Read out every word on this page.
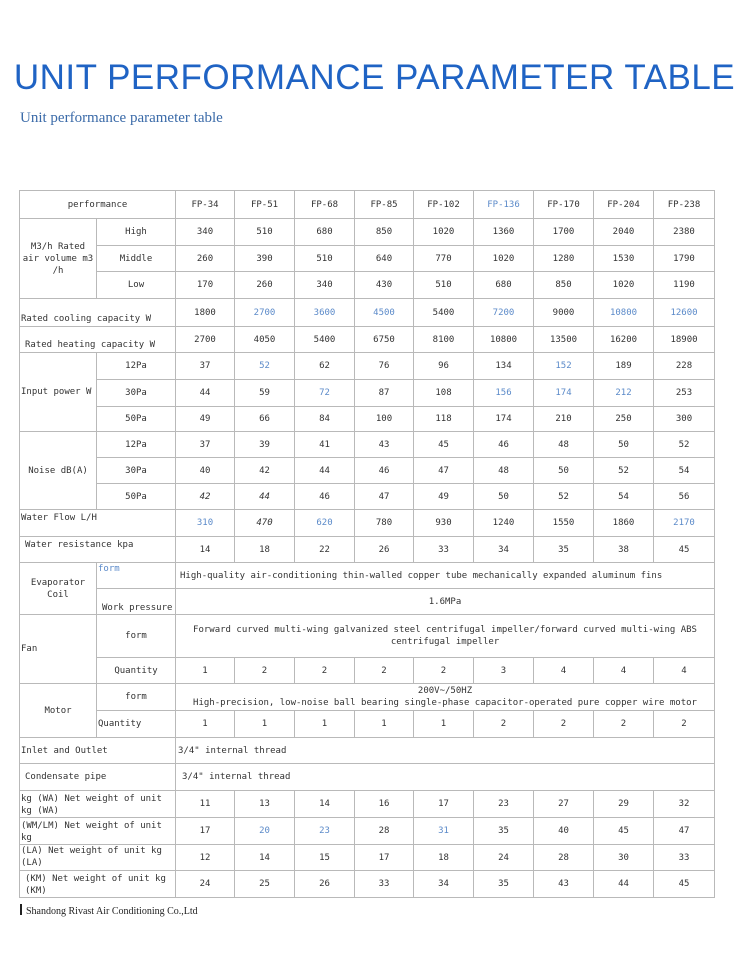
UNIT PERFORMANCE PARAMETER TABLE
Unit performance parameter table
performance		FP-34	FP-51	FP-68	FP-85	FP-102	FP-136	FP-170	FP-204	FP-238
M3/h Rated air volume m3 /h	High	340	510	680	850	1020	1360	1700	2040	2380
	Middle	260	390	510	640	770	1020	1280	1530	1790
	Low	170	260	340	430	510	680	850	1020	1190
Rated cooling capacity W		1800	2700	3600	4500	5400	7200	9000	10800	12600
Rated heating capacity W		2700	4050	5400	6750	8100	10800	13500	16200	18900
Input power W	12Pa	37	52	62	76	96	134	152	189	228
	30Pa	44	59	72	87	108	156	174	212	253
	50Pa	49	66	84	100	118	174	210	250	300
Noise dB(A)	12Pa	37	39	41	43	45	46	48	50	52
	30Pa	40	42	44	46	47	48	50	52	54
	50Pa	42	44	46	47	49	50	52	54	56
Water Flow L/H		310	470	620	780	930	1240	1550	1860	2170
Water resistance kpa		14	18	22	26	33	34	35	38	45
Evaporator Coil	form	High-quality air-conditioning thin-walled copper tube mechanically expanded aluminum fins								
	Work pressure	1.6MPa								
Fan	form	Forward curved multi-wing galvanized steel centrifugal impeller/forward curved multi-wing ABS centrifugal impeller								
	Quantity	1	2	2	2	2	3	4	4	4
Motor	form	200V~/50HZ
High-precision, low-noise ball bearing single-phase capacitor-operated pure copper wire motor								

	Quantity	1	1	1	1	1	2	2	2	2
Inlet and Outlet		3/4" internal thread								
Condensate pipe		3/4" internal thread								
kg (WA) Net weight of unit kg (WA)		11	13	14	16	17	23	27	29	32
(WM/LM) Net weight of unit kg		17	20	23	28	31	35	40	45	47
(LA) Net weight of unit kg (LA)		12	14	15	17	18	24	28	30	33
(KM) Net weight of unit kg (KM)		24	25	26	33	34	35	43	44	45

Shandong Rivast Air Conditioning Co.,Ltd
